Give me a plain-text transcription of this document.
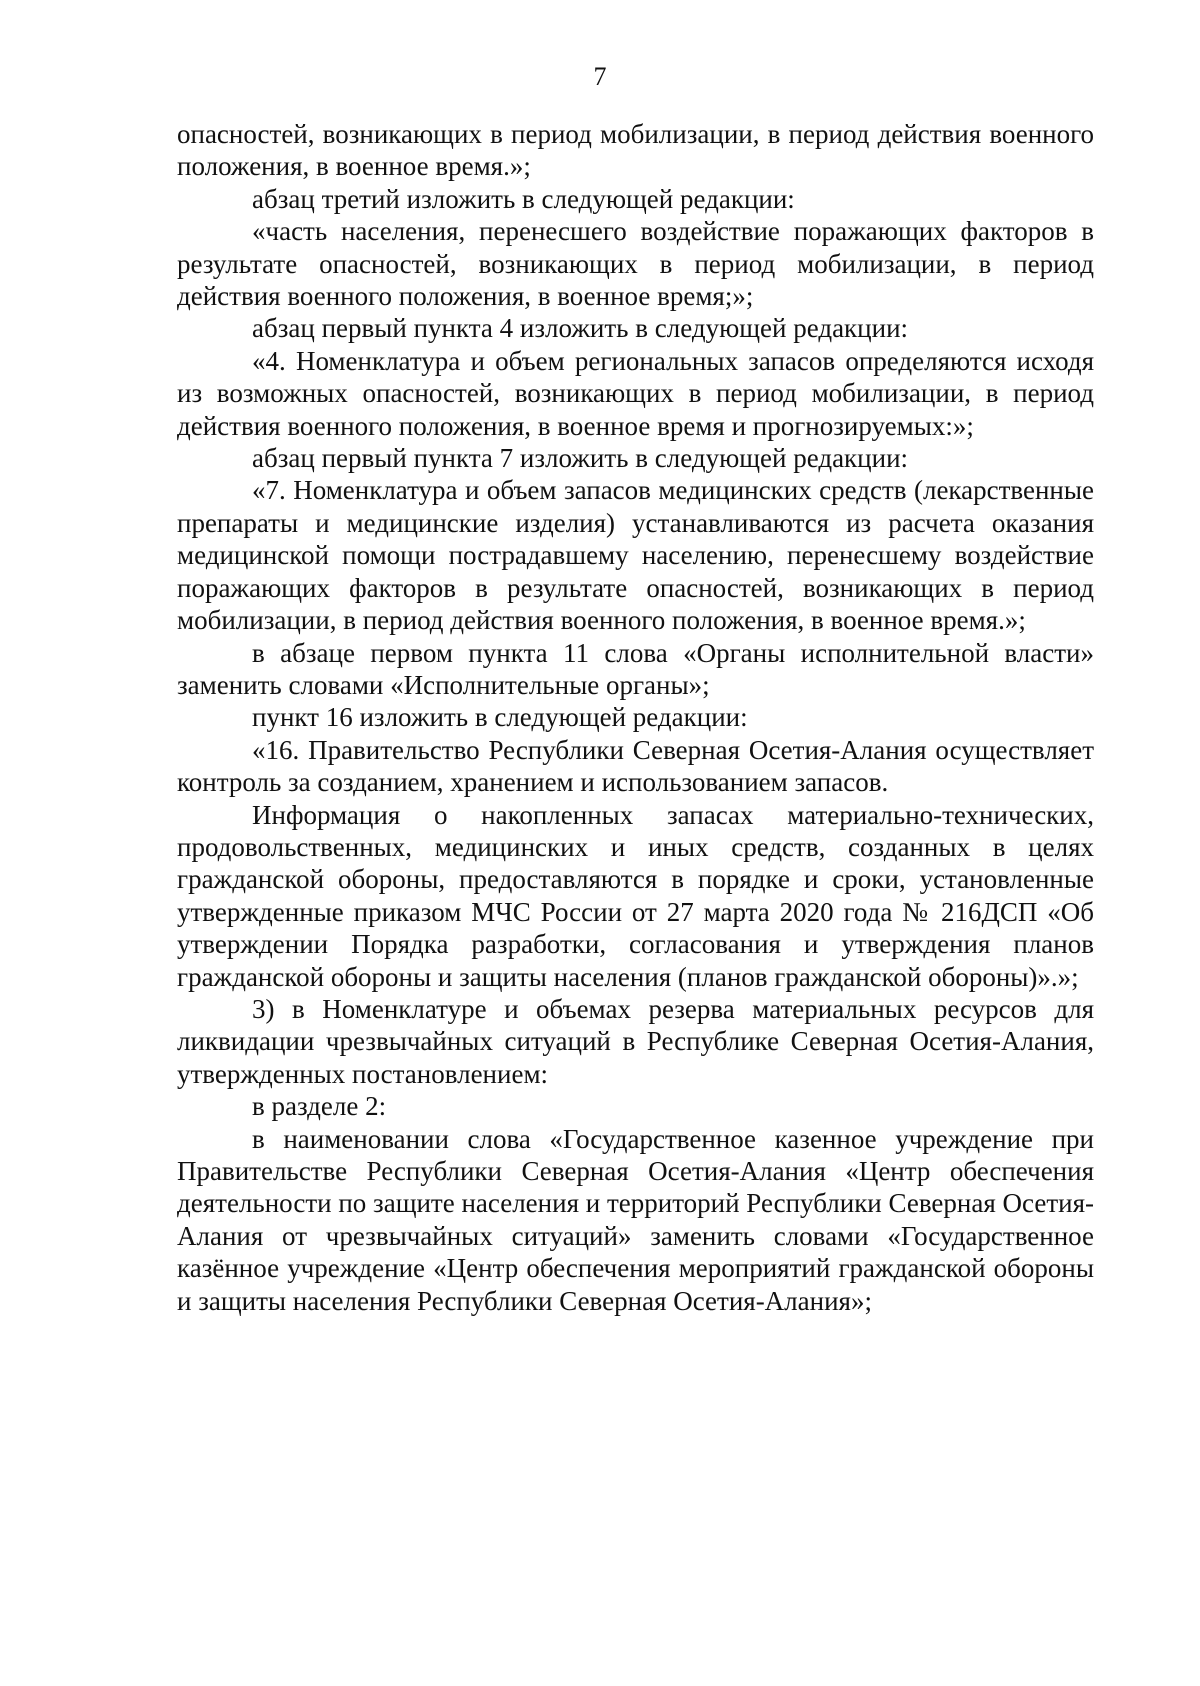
7

опасностей, возникающих в период мобилизации, в период действия военного положения, в военное время.»;

абзац третий изложить в следующей редакции:

«часть населения, перенесшего воздействие поражающих факторов в результате опасностей, возникающих в период мобилизации, в период действия военного положения, в военное время;»;

абзац первый пункта 4 изложить в следующей редакции:

«4. Номенклатура и объем региональных запасов определяются исходя из возможных опасностей, возникающих в период мобилизации, в период действия военного положения, в военное время и прогнозируемых:»;

абзац первый пункта 7 изложить в следующей редакции:

«7. Номенклатура и объем запасов медицинских средств (лекарственные препараты и медицинские изделия) устанавливаются из расчета оказания медицинской помощи пострадавшему населению, перенесшему воздействие поражающих факторов в результате опасностей, возникающих в период мобилизации, в период действия военного положения, в военное время.»;

в абзаце первом пункта 11 слова «Органы исполнительной власти» заменить словами «Исполнительные органы»;

пункт 16 изложить в следующей редакции:

«16. Правительство Республики Северная Осетия-Алания осуществляет контроль за созданием, хранением и использованием запасов.

Информация о накопленных запасах материально-технических, продовольственных, медицинских и иных средств, созданных в целях гражданской обороны, предоставляются в порядке и сроки, установленные утвержденные приказом МЧС России от 27 марта 2020 года № 216ДСП «Об утверждении Порядка разработки, согласования и утверждения планов гражданской обороны и защиты населения (планов гражданской обороны)».»;

3) в Номенклатуре и объемах резерва материальных ресурсов для ликвидации чрезвычайных ситуаций в Республике Северная Осетия-Алания, утвержденных постановлением:

в разделе 2:

в наименовании слова «Государственное казенное учреждение при Правительстве Республики Северная Осетия-Алания «Центр обеспечения деятельности по защите населения и территорий Республики Северная Осетия-Алания от чрезвычайных ситуаций» заменить словами «Государственное казённое учреждение «Центр обеспечения мероприятий гражданской обороны и защиты населения Республики Северная Осетия-Алания»;
